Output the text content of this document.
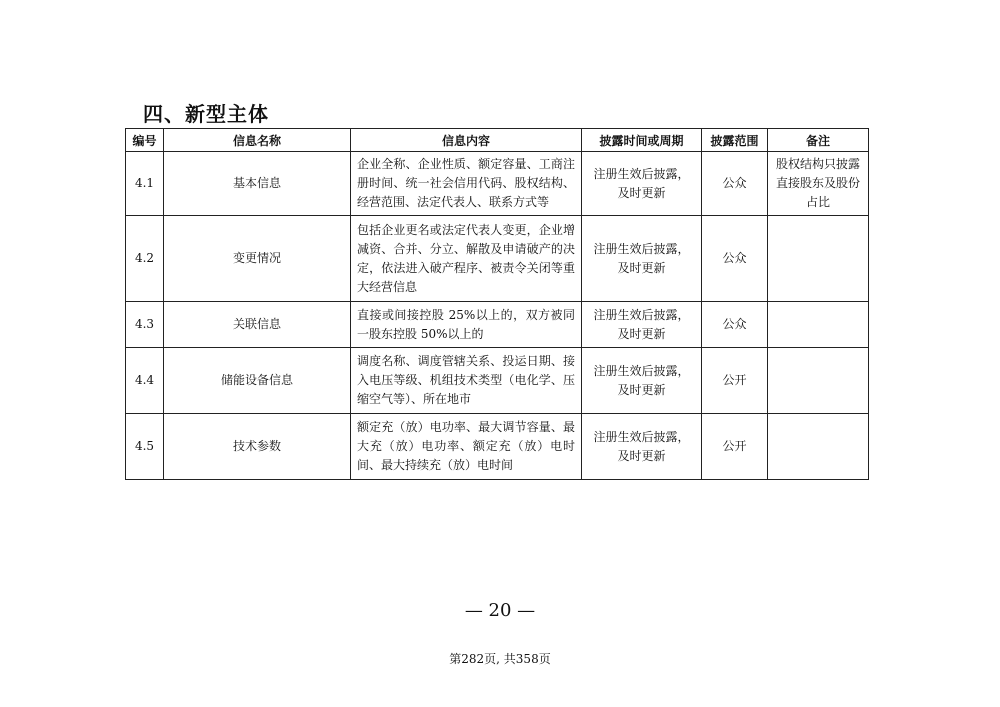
四、新型主体
编号	信息名称	信息内容	披露时间或周期	披露范围	备注
4.1	基本信息	企业全称、企业性质、额定容量、工商注册时间、统一社会信用代码、股权结构、经营范围、法定代表人、联系方式等	注册生效后披露，及时更新	公众	股权结构只披露直接股东及股份占比
4.2	变更情况	包括企业更名或法定代表人变更，企业增减资、合并、分立、解散及申请破产的决定，依法进入破产程序、被责令关闭等重大经营信息	注册生效后披露，及时更新	公众	
4.3	关联信息	直接或间接控股 25%以上的，双方被同一股东控股 50%以上的	注册生效后披露，及时更新	公众	
4.4	储能设备信息	调度名称、调度管辖关系、投运日期、接入电压等级、机组技术类型（电化学、压缩空气等）、所在地市	注册生效后披露，及时更新	公开	
4.5	技术参数	额定充（放）电功率、最大调节容量、最大充（放）电功率、额定充（放）电时间、最大持续充（放）电时间	注册生效后披露，及时更新	公开	
— 20 —
第282页, 共358页
